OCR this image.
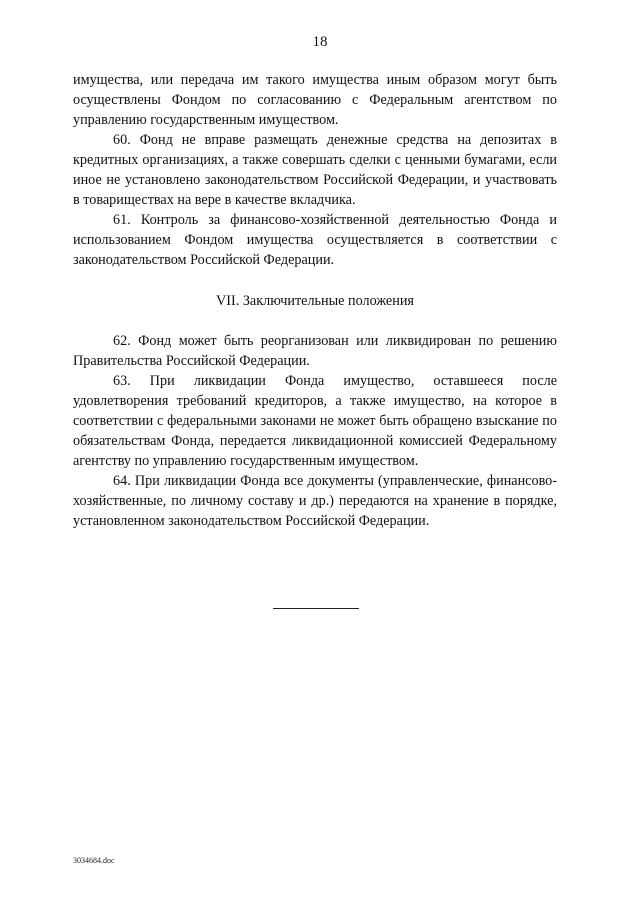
18

имущества, или передача им такого имущества иным образом могут быть осуществлены Фондом по согласованию с Федеральным агентством по управлению государственным имуществом.

60. Фонд не вправе размещать денежные средства на депозитах в кредитных организациях, а также совершать сделки с ценными бумагами, если иное не установлено законодательством Российской Федерации, и участвовать в товариществах на вере в качестве вкладчика.

61. Контроль за финансово-хозяйственной деятельностью Фонда и использованием Фондом имущества осуществляется в соответствии с законодательством Российской Федерации.

VII. Заключительные положения

62. Фонд может быть реорганизован или ликвидирован по решению Правительства Российской Федерации.

63. При ликвидации Фонда имущество, оставшееся после удовлетворения требований кредиторов, а также имущество, на которое в соответствии с федеральными законами не может быть обращено взыскание по обязательствам Фонда, передается ликвидационной комиссией Федеральному агентству по управлению государственным имуществом.

64. При ликвидации Фонда все документы (управленческие, финансово-хозяйственные, по личному составу и др.) передаются на хранение в порядке, установленном законодательством Российской Федерации.

3034684.doc
